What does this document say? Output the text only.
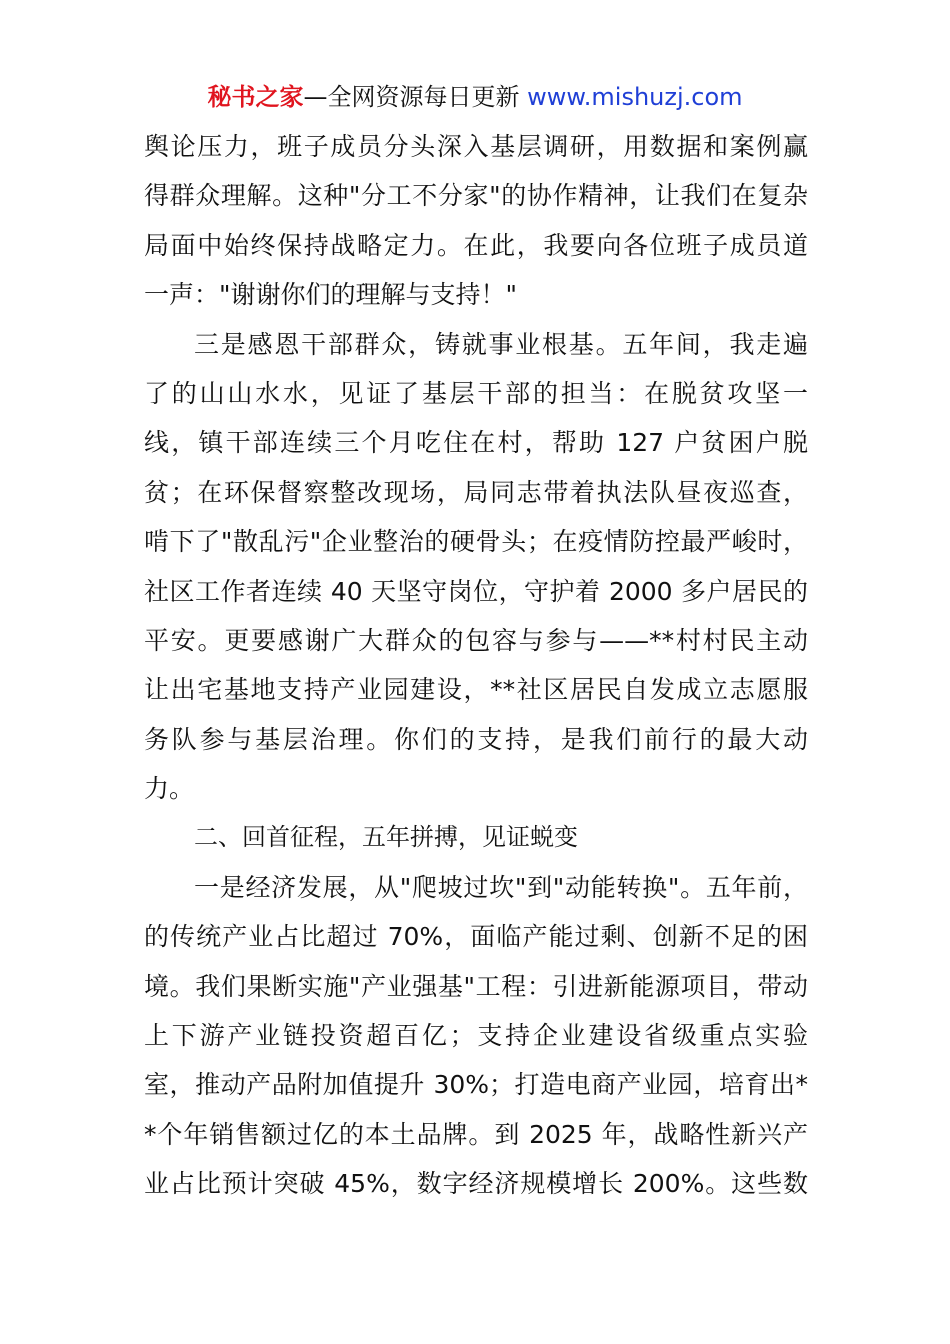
秘书之家—全网资源每日更新 www.mishuzj.com
舆论压力，班子成员分头深入基层调研，用数据和案例赢
得群众理解。这种"分工不分家"的协作精神，让我们在复杂
局面中始终保持战略定力。在此，我要向各位班子成员道
一声："谢谢你们的理解与支持！"
三是感恩干部群众，铸就事业根基。五年间，我走遍
了的山山水水，见证了基层干部的担当：在脱贫攻坚一
线，镇干部连续三个月吃住在村，帮助 127 户贫困户脱
贫；在环保督察整改现场，局同志带着执法队昼夜巡查，
啃下了"散乱污"企业整治的硬骨头；在疫情防控最严峻时，
社区工作者连续 40 天坚守岗位，守护着 2000 多户居民的
平安。更要感谢广大群众的包容与参与——**村村民主动
让出宅基地支持产业园建设，**社区居民自发成立志愿服
务队参与基层治理。你们的支持，是我们前行的最大动
力。
二、回首征程，五年拼搏，见证蜕变
一是经济发展，从"爬坡过坎"到"动能转换"。五年前，
的传统产业占比超过 70%，面临产能过剩、创新不足的困
境。我们果断实施"产业强基"工程：引进新能源项目，带动
上下游产业链投资超百亿；支持企业建设省级重点实验
室，推动产品附加值提升 30%；打造电商产业园，培育出*
*个年销售额过亿的本土品牌。到 2025 年，战略性新兴产
业占比预计突破 45%，数字经济规模增长 200%。这些数
